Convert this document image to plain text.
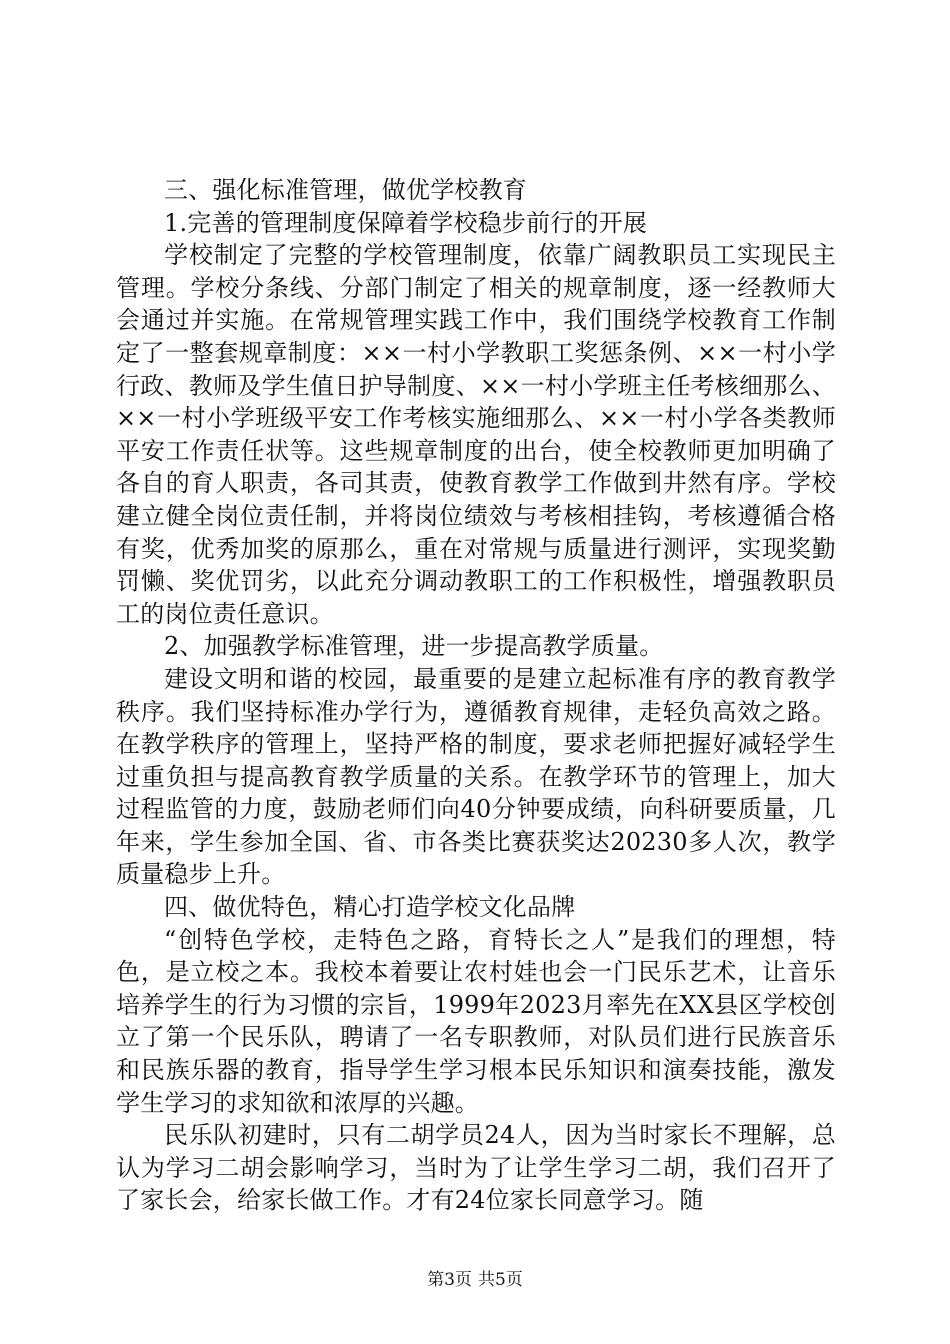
三、强化标准管理，做优学校教育

1.完善的管理制度保障着学校稳步前行的开展

学校制定了完整的学校管理制度，依靠广阔教职员工实现民主管理。学校分条线、分部门制定了相关的规章制度，逐一经教师大会通过并实施。在常规管理实践工作中，我们围绕学校教育工作制定了一整套规章制度：××一村小学教职工奖惩条例、××一村小学行政、教师及学生值日护导制度、××一村小学班主任考核细那么、××一村小学班级平安工作考核实施细那么、××一村小学各类教师平安工作责任状等。这些规章制度的出台，使全校教师更加明确了各自的育人职责，各司其责，使教育教学工作做到井然有序。学校建立健全岗位责任制，并将岗位绩效与考核相挂钩，考核遵循合格有奖，优秀加奖的原那么，重在对常规与质量进行测评，实现奖勤罚懒、奖优罚劣，以此充分调动教职工的工作积极性，增强教职员工的岗位责任意识。

2、加强教学标准管理，进一步提高教学质量。

建设文明和谐的校园，最重要的是建立起标准有序的教育教学秩序。我们坚持标准办学行为，遵循教育规律，走轻负高效之路。在教学秩序的管理上，坚持严格的制度，要求老师把握好减轻学生过重负担与提高教育教学质量的关系。在教学环节的管理上，加大过程监管的力度，鼓励老师们向40分钟要成绩，向科研要质量，几年来，学生参加全国、省、市各类比赛获奖达20230多人次，教学质量稳步上升。

四、做优特色，精心打造学校文化品牌

“创特色学校，走特色之路，育特长之人”是我们的理想，特色，是立校之本。我校本着要让农村娃也会一门民乐艺术，让音乐培养学生的行为习惯的宗旨，1999年2023月率先在XX县区学校创立了第一个民乐队，聘请了一名专职教师，对队员们进行民族音乐和民族乐器的教育，指导学生学习根本民乐知识和演奏技能，激发学生学习的求知欲和浓厚的兴趣。

民乐队初建时，只有二胡学员24人，因为当时家长不理解，总认为学习二胡会影响学习，当时为了让学生学习二胡，我们召开了了家长会，给家长做工作。才有24位家长同意学习。随

第3页 共5页
